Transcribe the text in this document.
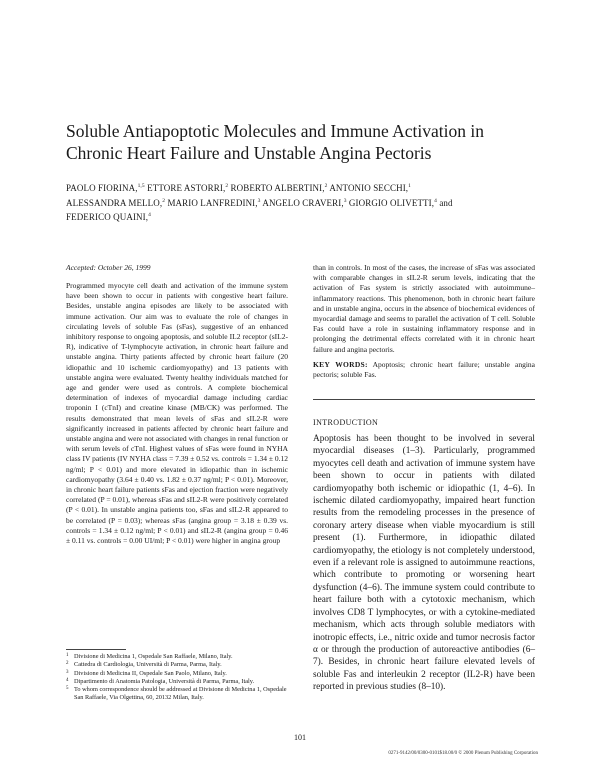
Soluble Antiapoptotic Molecules and Immune Activation in
Chronic Heart Failure and Unstable Angina Pectoris
PAOLO FIORINA,$^{1,5}$ ETTORE ASTORRI,$^2$ ROBERTO ALBERTINI,$^2$ ANTONIO SECCHI,$^1$
ALESSANDRA MELLO,$^2$ MARIO LANFREDINI,$^3$ ANGELO CRAVERI,$^3$ GIORGIO OLIVETTI,$^4$ and
FEDERICO QUAINI,$^4$
Accepted: October 26, 1999

Programmed myocyte cell death and activation of the immune system have been shown to occur in patients with congestive heart failure. Besides, unstable angina episodes are likely to be associated with immune activation. Our aim was to evaluate the role of changes in circulating levels of soluble Fas (sFas), suggestive of an enhanced inhibitory response to ongoing apoptosis, and soluble IL2 receptor (sIL2-R), indicative of T-lymphocyte activation, in chronic heart failure and unstable angina. Thirty patients affected by chronic heart failure (20 idiopathic and 10 ischemic cardiomyopathy) and 13 patients with unstable angina were evaluated. Twenty healthy individuals matched for age and gender were used as controls. A complete biochemical determination of indexes of myocardial damage including cardiac troponin I (cTnI) and creatine kinase (MB/CK) was performed. The results demonstrated that mean levels of sFas and sIL2-R were significantly increased in patients affected by chronic heart failure and unstable angina and were not associated with changes in renal function or with serum levels of cTnI. Highest values of sFas were found in NYHA class IV patients (IV NYHA class = 7.39 ± 0.52 vs. controls = 1.34 ± 0.12 ng/ml; P < 0.01) and more elevated in idiopathic than in ischemic cardiomyopathy (3.64 ± 0.40 vs. 1.82 ± 0.37 ng/ml; P < 0.01). Moreover, in chronic heart failure patients sFas and ejection fraction were negatively correlated (P = 0.01), whereas sFas and sIL2-R were positively correlated (P < 0.01). In unstable angina patients too, sFas and sIL2-R appeared to be correlated (P = 0.03); whereas sFas (angina group = 3.18 ± 0.39 vs. controls = 1.34 ± 0.12 ng/ml; P < 0.01) and sIL2-R (angina group = 0.46 ± 0.11 vs. controls = 0.00 UI/ml; P < 0.01) were higher in angina group

than in controls. In most of the cases, the increase of sFas was associated with comparable changes in sIL2-R serum levels, indicating that the activation of Fas system is strictly associated with autoimmune–inflammatory reactions. This phenomenon, both in chronic heart failure and in unstable angina, occurs in the absence of biochemical evidences of myocardial damage and seems to parallel the activation of T cell. Soluble Fas could have a role in sustaining inflammatory response and in prolonging the detrimental effects correlated with it in chronic heart failure and angina pectoris.

KEY WORDS: Apoptosis; chronic heart failure; unstable angina pectoris; soluble Fas.

INTRODUCTION

Apoptosis has been thought to be involved in several myocardial diseases (1–3). Particularly, programmed myocytes cell death and activation of immune system have been shown to occur in patients with dilated cardiomyopathy both ischemic or idiopathic (1, 4–6). In ischemic dilated cardiomyopathy, impaired heart function results from the remodeling processes in the presence of coronary artery disease when viable myocardium is still present (1). Furthermore, in idiopathic dilated cardiomyopathy, the etiology is not completely understood, even if a relevant role is assigned to autoimmune reactions, which contribute to promoting or worsening heart dysfunction (4–6). The immune system could contribute to heart failure both with a cytotoxic mechanism, which involves CD8 T lymphocytes, or with a cytokine-mediated mechanism, which acts through soluble mediators with inotropic effects, i.e., nitric oxide and tumor necrosis factor α or through the production of autoreactive antibodies (6–7). Besides, in chronic heart failure elevated levels of soluble Fas and interleukin 2 receptor (IL2-R) have been reported in previous studies (8–10).

1 Divisione di Medicina 1, Ospedale San Raffaele, Milano, Italy.
2 Cattedra di Cardiologia, Università di Parma, Parma, Italy.
3 Divisione di Medicina II, Ospedale San Paolo, Milano, Italy.
4 Dipartimento di Anatomia Patologia, Università di Parma, Parma, Italy.
5 To whom correspondence should be addressed at Divisione di Medicina 1, Ospedale San Raffaele, Via Olgettina, 60, 20132 Milan, Italy.
101
0271-9142/00/0300-0101$18.00/0 © 2000 Plenum Publishing Corporation
